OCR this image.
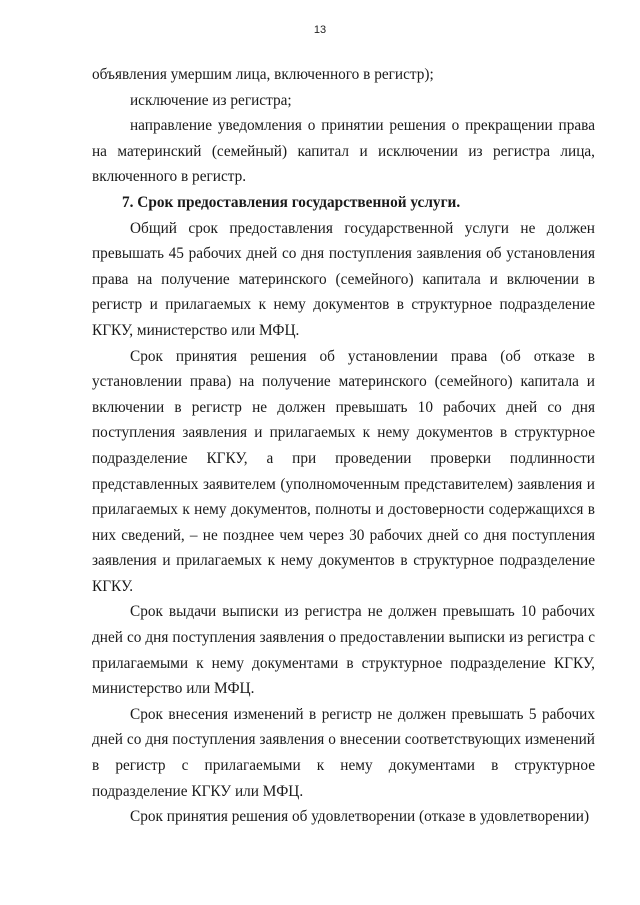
13

объявления умершим лица, включенного в регистр);

исключение из регистра;

направление уведомления о принятии решения о прекращении права на материнский (семейный) капитал и исключении из регистра лица, включенного в регистр.

7. Срок предоставления государственной услуги.

Общий срок предоставления государственной услуги не должен превышать 45 рабочих дней со дня поступления заявления об установления права на получение материнского (семейного) капитала и включении в регистр и прилагаемых к нему документов в структурное подразделение КГКУ, министерство или МФЦ.

Срок принятия решения об установлении права (об отказе в установлении права) на получение материнского (семейного) капитала и включении в регистр не должен превышать 10 рабочих дней со дня поступления заявления и прилагаемых к нему документов в структурное подразделение КГКУ, а при проведении проверки подлинности представленных заявителем (уполномоченным представителем) заявления и прилагаемых к нему документов, полноты и достоверности содержащихся в них сведений, – не позднее чем через 30 рабочих дней со дня поступления заявления и прилагаемых к нему документов в структурное подразделение КГКУ.

Срок выдачи выписки из регистра не должен превышать 10 рабочих дней со дня поступления заявления о предоставлении выписки из регистра с прилагаемыми к нему документами в структурное подразделение КГКУ, министерство или МФЦ.

Срок внесения изменений в регистр не должен превышать 5 рабочих дней со дня поступления заявления о внесении соответствующих изменений в регистр с прилагаемыми к нему документами в структурное подразделение КГКУ или МФЦ.

Срок принятия решения об удовлетворении (отказе в удовлетворении)
